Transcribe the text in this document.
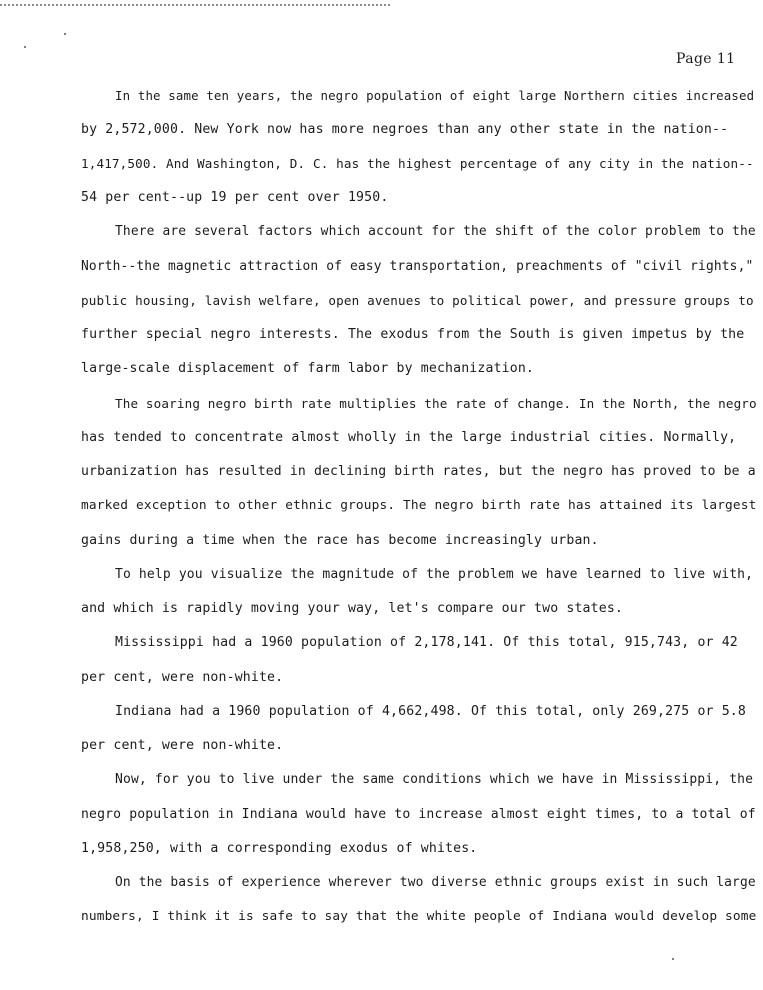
Page 11
In the same ten years, the negro population of eight large Northern cities increased
by 2,572,000. New York now has more negroes than any other state in the nation--
1,417,500. And Washington, D. C. has the highest percentage of any city in the nation--
54 per cent--up 19 per cent over 1950.
There are several factors which account for the shift of the color problem to the
North--the magnetic attraction of easy transportation, preachments of "civil rights,"
public housing, lavish welfare, open avenues to political power, and pressure groups to
further special negro interests. The exodus from the South is given impetus by the
large-scale displacement of farm labor by mechanization.
The soaring negro birth rate multiplies the rate of change. In the North, the negro
has tended to concentrate almost wholly in the large industrial cities. Normally,
urbanization has resulted in declining birth rates, but the negro has proved to be a
marked exception to other ethnic groups. The negro birth rate has attained its largest
gains during a time when the race has become increasingly urban.
To help you visualize the magnitude of the problem we have learned to live with,
and which is rapidly moving your way, let's compare our two states.
Mississippi had a 1960 population of 2,178,141. Of this total, 915,743, or 42
per cent, were non-white.
Indiana had a 1960 population of 4,662,498. Of this total, only 269,275 or 5.8
per cent, were non-white.
Now, for you to live under the same conditions which we have in Mississippi, the
negro population in Indiana would have to increase almost eight times, to a total of
1,958,250, with a corresponding exodus of whites.
On the basis of experience wherever two diverse ethnic groups exist in such large
numbers, I think it is safe to say that the white people of Indiana would develop some
